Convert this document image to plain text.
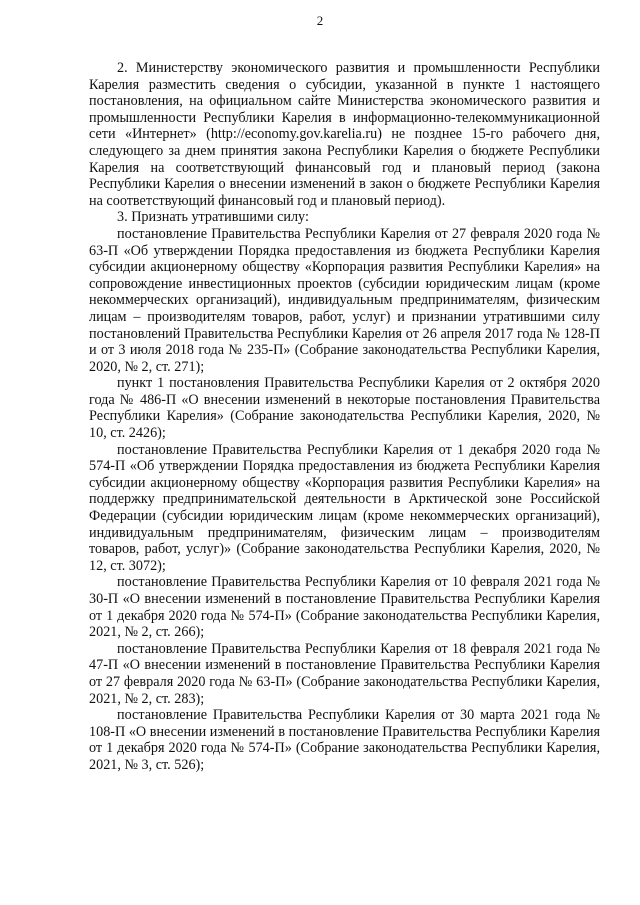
2

2. Министерству экономического развития и промышленности Республики Карелия разместить сведения о субсидии, указанной в пункте 1 настоящего постановления, на официальном сайте Министерства экономического развития и промышленности Республики Карелия в информационно-телекоммуникационной сети «Интернет» (http://economy.gov.karelia.ru) не позднее 15-го рабочего дня, следующего за днем принятия закона Республики Карелия о бюджете Республики Карелия на соответствующий финансовый год и плановый период (закона Республики Карелия о внесении изменений в закон о бюджете Республики Карелия на соответствующий финансовый год и плановый период).

3. Признать утратившими силу:

постановление Правительства Республики Карелия от 27 февраля 2020 года № 63-П «Об утверждении Порядка предоставления из бюджета Республики Карелия субсидии акционерному обществу «Корпорация развития Республики Карелия» на сопровождение инвестиционных проектов (субсидии юридическим лицам (кроме некоммерческих организаций), индивидуальным предпринимателям, физическим лицам – производителям товаров, работ, услуг) и признании утратившими силу постановлений Правительства Республики Карелия от 26 апреля 2017 года № 128-П и от 3 июля 2018 года № 235-П» (Собрание законодательства Республики Карелия, 2020, № 2, ст. 271);

пункт 1 постановления Правительства Республики Карелия от 2 октября 2020 года № 486-П «О внесении изменений в некоторые постановления Правительства Республики Карелия» (Собрание законодательства Республики Карелия, 2020, № 10, ст. 2426);

постановление Правительства Республики Карелия от 1 декабря 2020 года № 574-П «Об утверждении Порядка предоставления из бюджета Республики Карелия субсидии акционерному обществу «Корпорация развития Республики Карелия» на поддержку предпринимательской деятельности в Арктической зоне Российской Федерации (субсидии юридическим лицам (кроме некоммерческих организаций), индивидуальным предпринимателям, физическим лицам – производителям товаров, работ, услуг)» (Собрание законодательства Республики Карелия, 2020, № 12, ст. 3072);

постановление Правительства Республики Карелия от 10 февраля 2021 года № 30-П «О внесении изменений в постановление Правительства Республики Карелия от 1 декабря 2020 года № 574-П» (Собрание законодательства Республики Карелия, 2021, № 2, ст. 266);

постановление Правительства Республики Карелия от 18 февраля 2021 года № 47-П «О внесении изменений в постановление Правительства Республики Карелия от 27 февраля 2020 года № 63-П» (Собрание законодательства Республики Карелия, 2021, № 2, ст. 283);

постановление Правительства Республики Карелия от 30 марта 2021 года № 108-П «О внесении изменений в постановление Правительства Республики Карелия от 1 декабря 2020 года № 574-П» (Собрание законодательства Республики Карелия, 2021, № 3, ст. 526);
